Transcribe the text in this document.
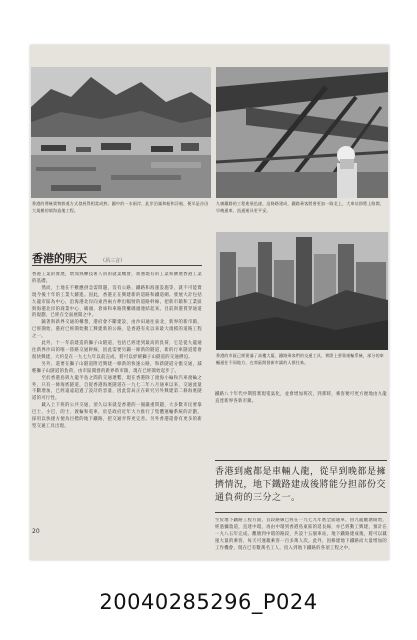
香港的傳統貨物卸運方式發展得相當成熟；圖中的一水兩岸，此岸泊滿和船和浮船，便早是沙田大規模的填海造地工程。
九廣鐵路的工程進展迅速，這條路建成，鐵路乘客將會更加一路北上，大車站即將上路開，早晚通車，流通運具更平妥。
香港的市區已經建滿了高樓大廈，鐵路乘客們的交通工具，實際上要靠運輸系統，部分的車輛通往不同地方，在郊區開發新市鎮的人群往來。
香港的明天	（呂三言）
香港工業的發展，增加熟練技術人員的就業機會，加強現有的工業和擴展香港工業的基礎。
　　然而，土地在不敷應供急需問題，沒有公路、鐵路和海運設施等，就不可能實現今後十年的工業大躍進。因此，香港正在興建新的道路和鐵道網。發展大計包括九龍市區為中心，沿海港北岸向東西兩方伸出幅射的道路幹線，把新市鎮和工業區與海港北岸的商業中心、碼頭、倉庫和車路貨櫃碼頭連結起來。目前與港貫穿通道的規劃，已經在全面展開之中。
　　隨著與新界交通的構想，港府會不斷建設，由沙田通往東北，新界的新市鎮，已經開始，港府已經開始動工興建新的公路，是香港有史以來最大規模的道路工程之一。
　　此外，十一年前建造的獅子山隧道，包括已經達到最高的負荷，它是從九龍通往新界沙田的唯一陸路交通幹線，因此需要另闢一條新的隧道，新的行車隧道將會很快興建，大約是在一九七九年以前完成，將可以紓緩獅子山隧道的交通擠迫。
　　另外，還要在獅子山隧道附近興建一條新的快速公路，和新隧道分擔交通，減輕獅子山隧道的負荷，由市區開發的新界新市鎮，現在已經開始起步了。
　　至於香港島與九龍半島之間的交通連繫，現在香港除了渡海小輪和汽車渡輪之外，只有一條海底隧道，自從香港海底隧道在一九七二年八月通車以來，交通流量不斷增加，已經遠遠超過了設計的容量，因此當局正在研究另外興建第二條海底隧道的可行性。
　　載入上下班的公共交通，須久以來就是香港的一個嚴重問題，大多數市民要靠巴士、小巴、的士、渡輪和電車，於是政府近年大力推行了集體運輸系統的計劃，採用以快捷方便為目標的地下鐵路，把交通弄得更完善。另外香港還會有更多的新型交通工具出現。
鐵路八十年代中期將實現電氣化，並會增加班次，到那時，乘客便可更方便地由九龍直達新界各新市鎮。
香港到處都是車輛人龍，從早到晚都是擁擠情況，地下鐵路建成後將能分担部份交通負荷的三分之一。
至於地下鐵路工程方面，首段路線已經在一九七九年底全面通車，由九龍觀塘開始，經過彌敦道，直達中環，再由中環到香港島東區的延長線，亦已經動工興建，預計在一九八五年完成。觀塘到中環的路段，共設十五個車站，地下鐵路建成後，將可以載運大量的乘客，每天可運載乘客一百多萬人次。此外，因修建地下鐵路而大量增加的工作機會，現在已有數萬名工人，投入到地下鐵路的各項工程之中。
20
20040285296_P024
